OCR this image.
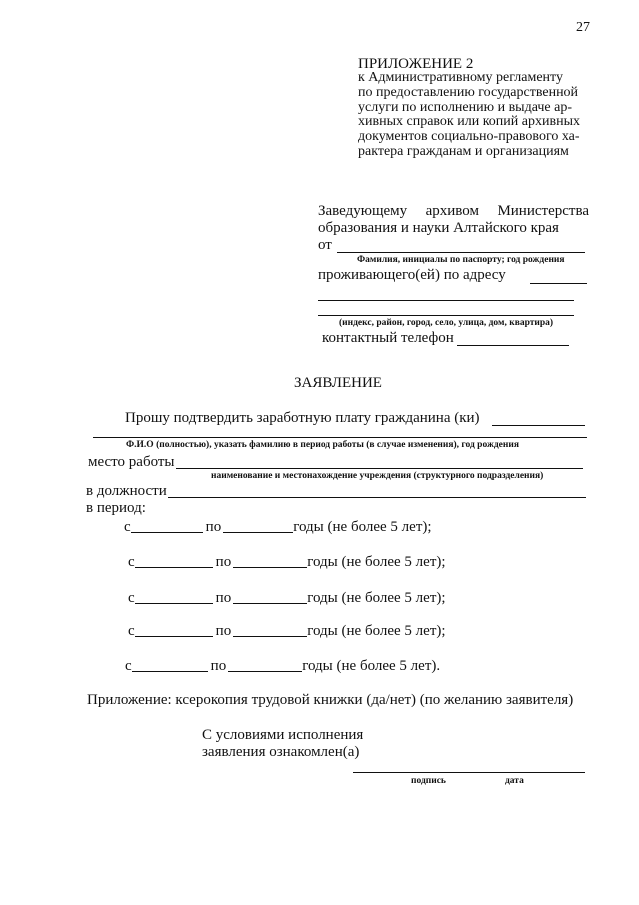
27
ПРИЛОЖЕНИЕ 2
к Административному регламенту
по предоставлению государственной
услуги по исполнению и выдаче ар-
хивных справок или копий архивных
документов социально-правового ха-
рактера гражданам и организациям
Заведующему архивом Министерства
образования и науки Алтайского края
от
Фамилия, инициалы по паспорту; год рождения
проживающего(ей) по адресу
(индекс, район, город, село, улица, дом, квартира)
контактный телефон
ЗАЯВЛЕНИЕ
Прошу подтвердить заработную плату гражданина (ки)
Ф.И.О (полностью), указать фамилию в период работы (в случае изменения), год рождения
место работы
наименование и местонахождение учреждения (структурного подразделения)
в должности
в период:
с	по	годы (не более 5 лет);
с	по	годы (не более 5 лет);
с	по	годы (не более 5 лет);
с	по	годы (не более 5 лет);
с	по	годы (не более 5 лет).
Приложение: ксерокопия трудовой книжки (да/нет) (по желанию заявителя)
С условиями исполнения
заявления ознакомлен(а)
подпись	дата
